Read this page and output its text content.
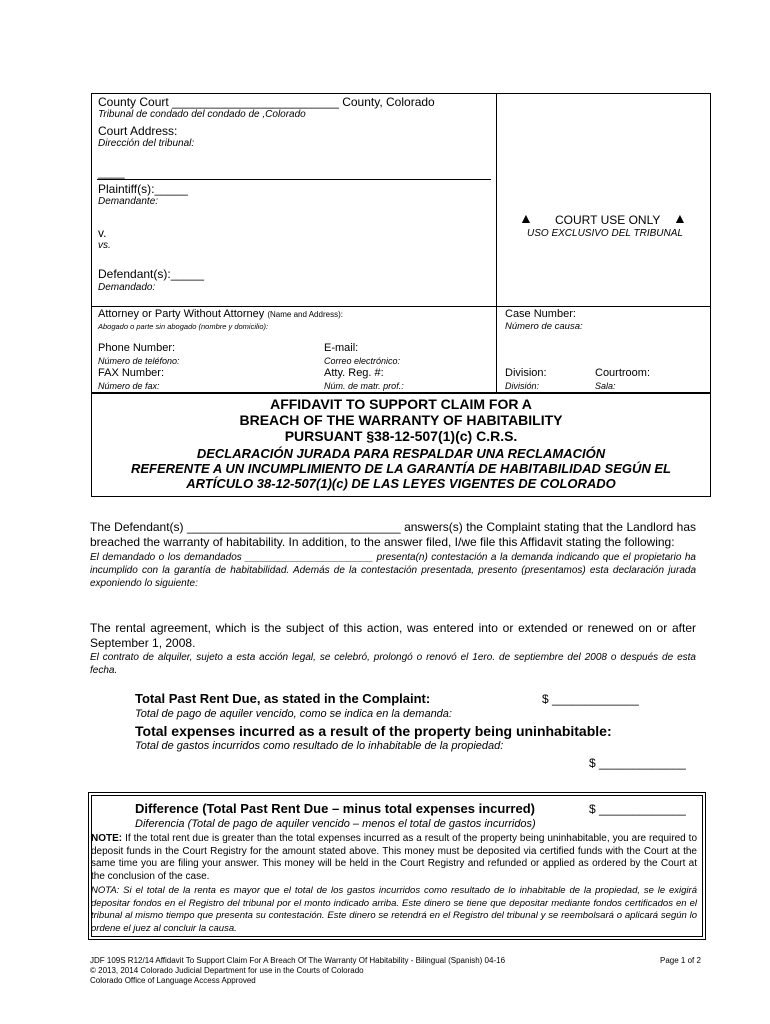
County Court _________________________ County, Colorado
Tribunal de condado del condado de ,Colorado
Court Address:
Dirección del tribunal:
____
Plaintiff(s):_____
Demandante:
v.
vs.
Defendant(s):_____
Demandado:
▲ COURT USE ONLY ▲
USO EXCLUSIVO DEL TRIBUNAL
Attorney or Party Without Attorney (Name and Address):
Abogado o parte sin abogado (nombre y domicilio):
Phone Number:
Número de teléfono:
FAX Number:
Número de fax:
E-mail:
Correo electrónico:
Atty. Reg. #:
Núm. de matr. prof.:
Case Number:
Número de causa:
Division:
División:
Courtroom:
Sala:
AFFIDAVIT TO SUPPORT CLAIM FOR A
BREACH OF THE WARRANTY OF HABITABILITY
PURSUANT §38-12-507(1)(c) C.R.S.
DECLARACIÓN JURADA PARA RESPALDAR UNA RECLAMACIÓN
REFERENTE A UN INCUMPLIMIENTO DE LA GARANTÍA DE HABITABILIDAD SEGÚN EL
ARTÍCULO 38-12-507(1)(c) DE LAS LEYES VIGENTES DE COLORADO
The Defendant(s) ________________________________ answers(s) the Complaint stating that the Landlord has breached the warranty of habitability. In addition, to the answer filed, I/we file this Affidavit stating the following:
El demandado o los demandados _______________________ presenta(n) contestación a la demanda indicando que el propietario ha incumplido con la garantía de habitabilidad. Además de la contestación presentada, presento (presentamos) esta declaración jurada exponiendo lo siguiente:
The rental agreement, which is the subject of this action, was entered into or extended or renewed on or after September 1, 2008.
El contrato de alquiler, sujeto a esta acción legal, se celebró, prolongó o renovó el 1ero. de septiembre del 2008 o después de esta fecha.
Total Past Rent Due, as stated in the Complaint:	$ _____________
Total de pago de aquiler vencido, como se indica en la demanda:
Total expenses incurred as a result of the property being uninhabitable:
Total de gastos incurridos como resultado de lo inhabitable de la propiedad:
$ _____________
Difference (Total Past Rent Due – minus total expenses incurred)	$ _____________
Diferencia (Total de pago de aquiler vencido – menos el total de gastos incurridos)
NOTE: If the total rent due is greater than the total expenses incurred as a result of the property being uninhabitable, you are required to deposit funds in the Court Registry for the amount stated above. This money must be deposited via certified funds with the Court at the same time you are filing your answer. This money will be held in the Court Registry and refunded or applied as ordered by the Court at the conclusion of the case.
NOTA: Si el total de la renta es mayor que el total de los gastos incurridos como resultado de lo inhabitable de la propiedad, se le exigirá depositar fondos en el Registro del tribunal por el monto indicado arriba. Este dinero se tiene que depositar mediante fondos certificados en el tribunal al mismo tiempo que presenta su contestación. Este dinero se retendrá en el Registro del tribunal y se reembolsará o aplicará según lo ordene el juez al concluir la causa.
JDF 109S R12/14 Affidavit To Support Claim For A Breach Of The Warranty Of Habitability - Bilingual (Spanish) 04-16
© 2013, 2014 Colorado Judicial Department for use in the Courts of Colorado
Colorado Office of Language Access Approved
Page 1 of 2
